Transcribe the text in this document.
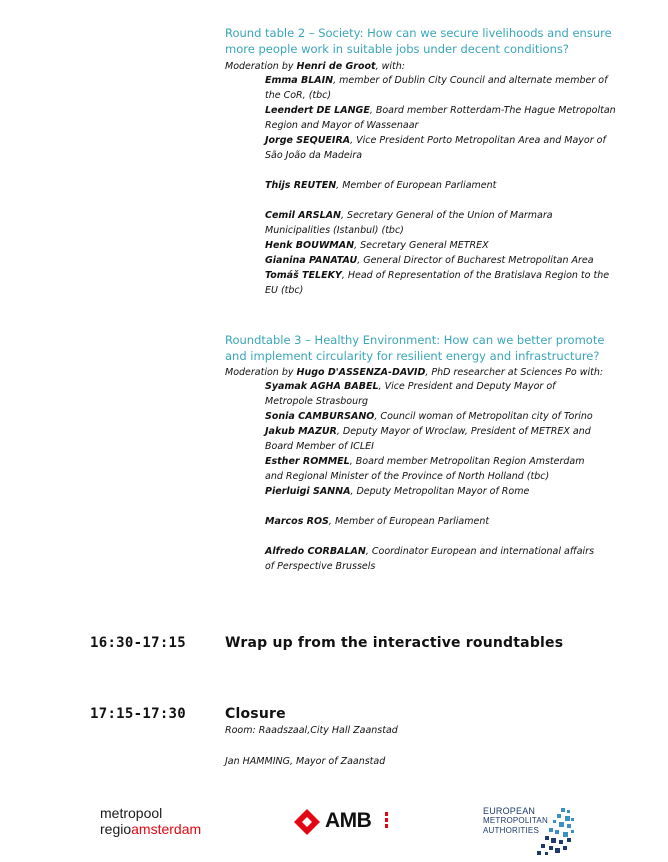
Round table 2 – Society: How can we secure livelihoods and ensure more people work in suitable jobs under decent conditions?
Moderation by Henri de Groot, with:

Emma BLAIN, member of Dublin City Council and alternate member of the CoR, (tbc)

Leendert DE LANGE, Board member Rotterdam-The Hague Metropoltan Region and Mayor of Wassenaar

Jorge SEQUEIRA, Vice President Porto Metropolitan Area and Mayor of São João da Madeira

Thijs REUTEN, Member of European Parliament

Cemil ARSLAN, Secretary General of the Union of Marmara Municipalities (Istanbul) (tbc)

Henk BOUWMAN, Secretary General METREX

Gianina PANATAU, General Director of Bucharest Metropolitan Area

Tomáš TELEKY, Head of Representation of the Bratislava Region to the EU (tbc)

Roundtable 3 – Healthy Environment: How can we better promote and implement circularity for resilient energy and infrastructure?
Moderation by Hugo D'ASSENZA-DAVID, PhD researcher at Sciences Po with:

Syamak AGHA BABEL, Vice President and Deputy Mayor of Metropole Strasbourg

Sonia CAMBURSANO, Council woman of Metropolitan city of Torino

Jakub MAZUR, Deputy Mayor of Wroclaw, President of METREX and Board Member of ICLEI

Esther ROMMEL, Board member Metropolitan Region Amsterdam and Regional Minister of the Province of North Holland (tbc)

Pierluigi SANNA, Deputy Metropolitan Mayor of Rome

Marcos ROS, Member of European Parliament

Alfredo CORBALAN, Coordinator European and international affairs of Perspective Brussels

16:30-17:15	Wrap up from the interactive roundtables
17:15-17:30	Closure
Room: Raadszaal,City Hall Zaanstad
Jan HAMMING, Mayor of Zaanstad
metropool
regioamsterdam	AMB	EUROPEAN
METROPOLITAN
AUTHORITIES
